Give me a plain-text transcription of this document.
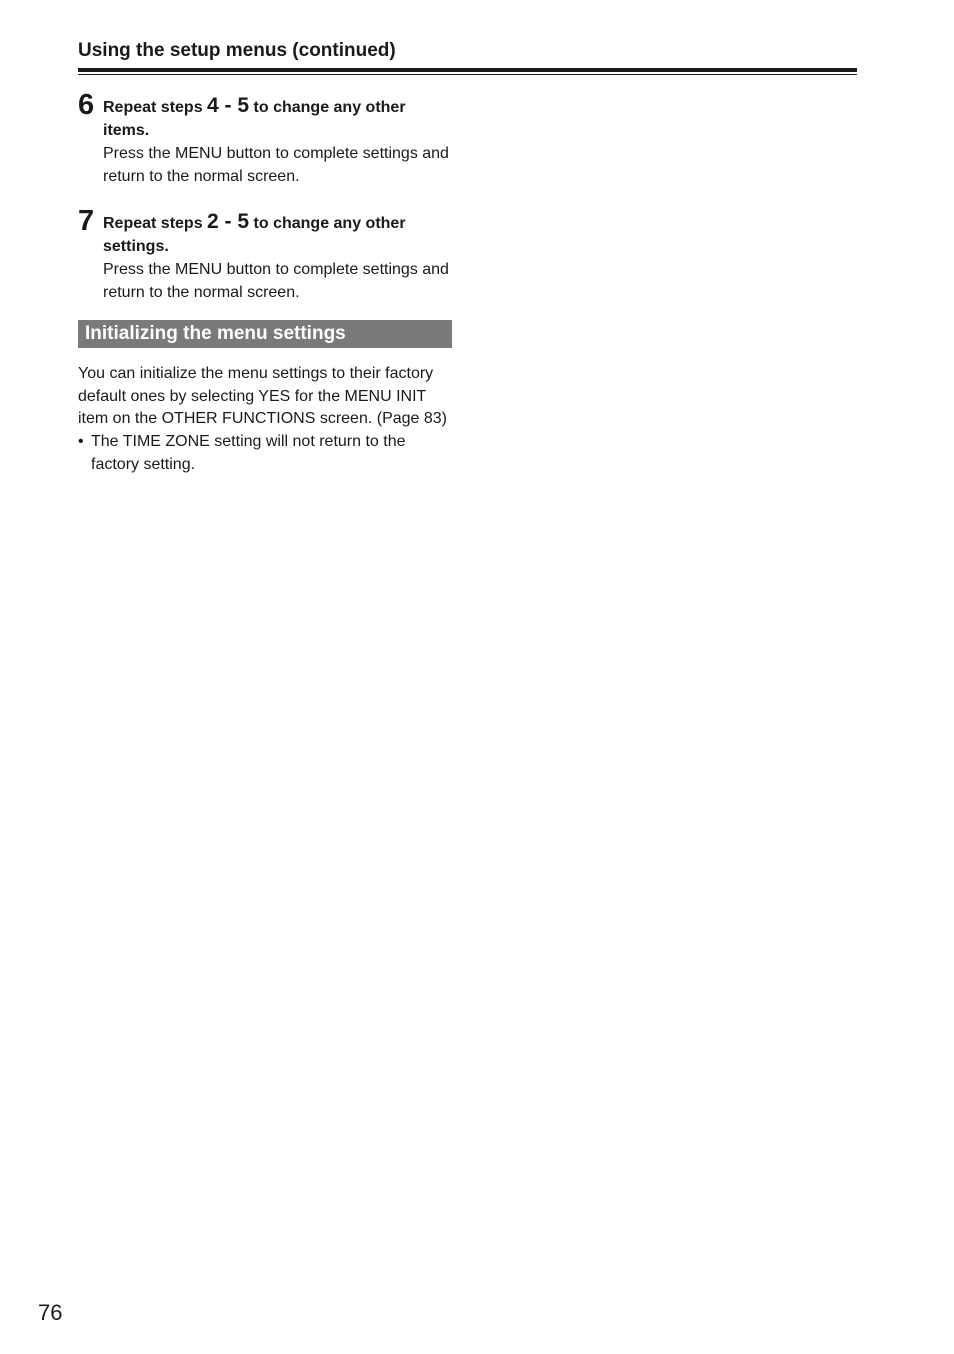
Using the setup menus (continued)
6 Repeat steps 4 - 5 to change any other items.
Press the MENU button to complete settings and return to the normal screen.
7 Repeat steps 2 - 5 to change any other settings.
Press the MENU button to complete settings and return to the normal screen.
Initializing the menu settings
You can initialize the menu settings to their factory default ones by selecting YES for the MENU INIT item on the OTHER FUNCTIONS screen. (Page 83)
• The TIME ZONE setting will not return to the factory setting.
76
